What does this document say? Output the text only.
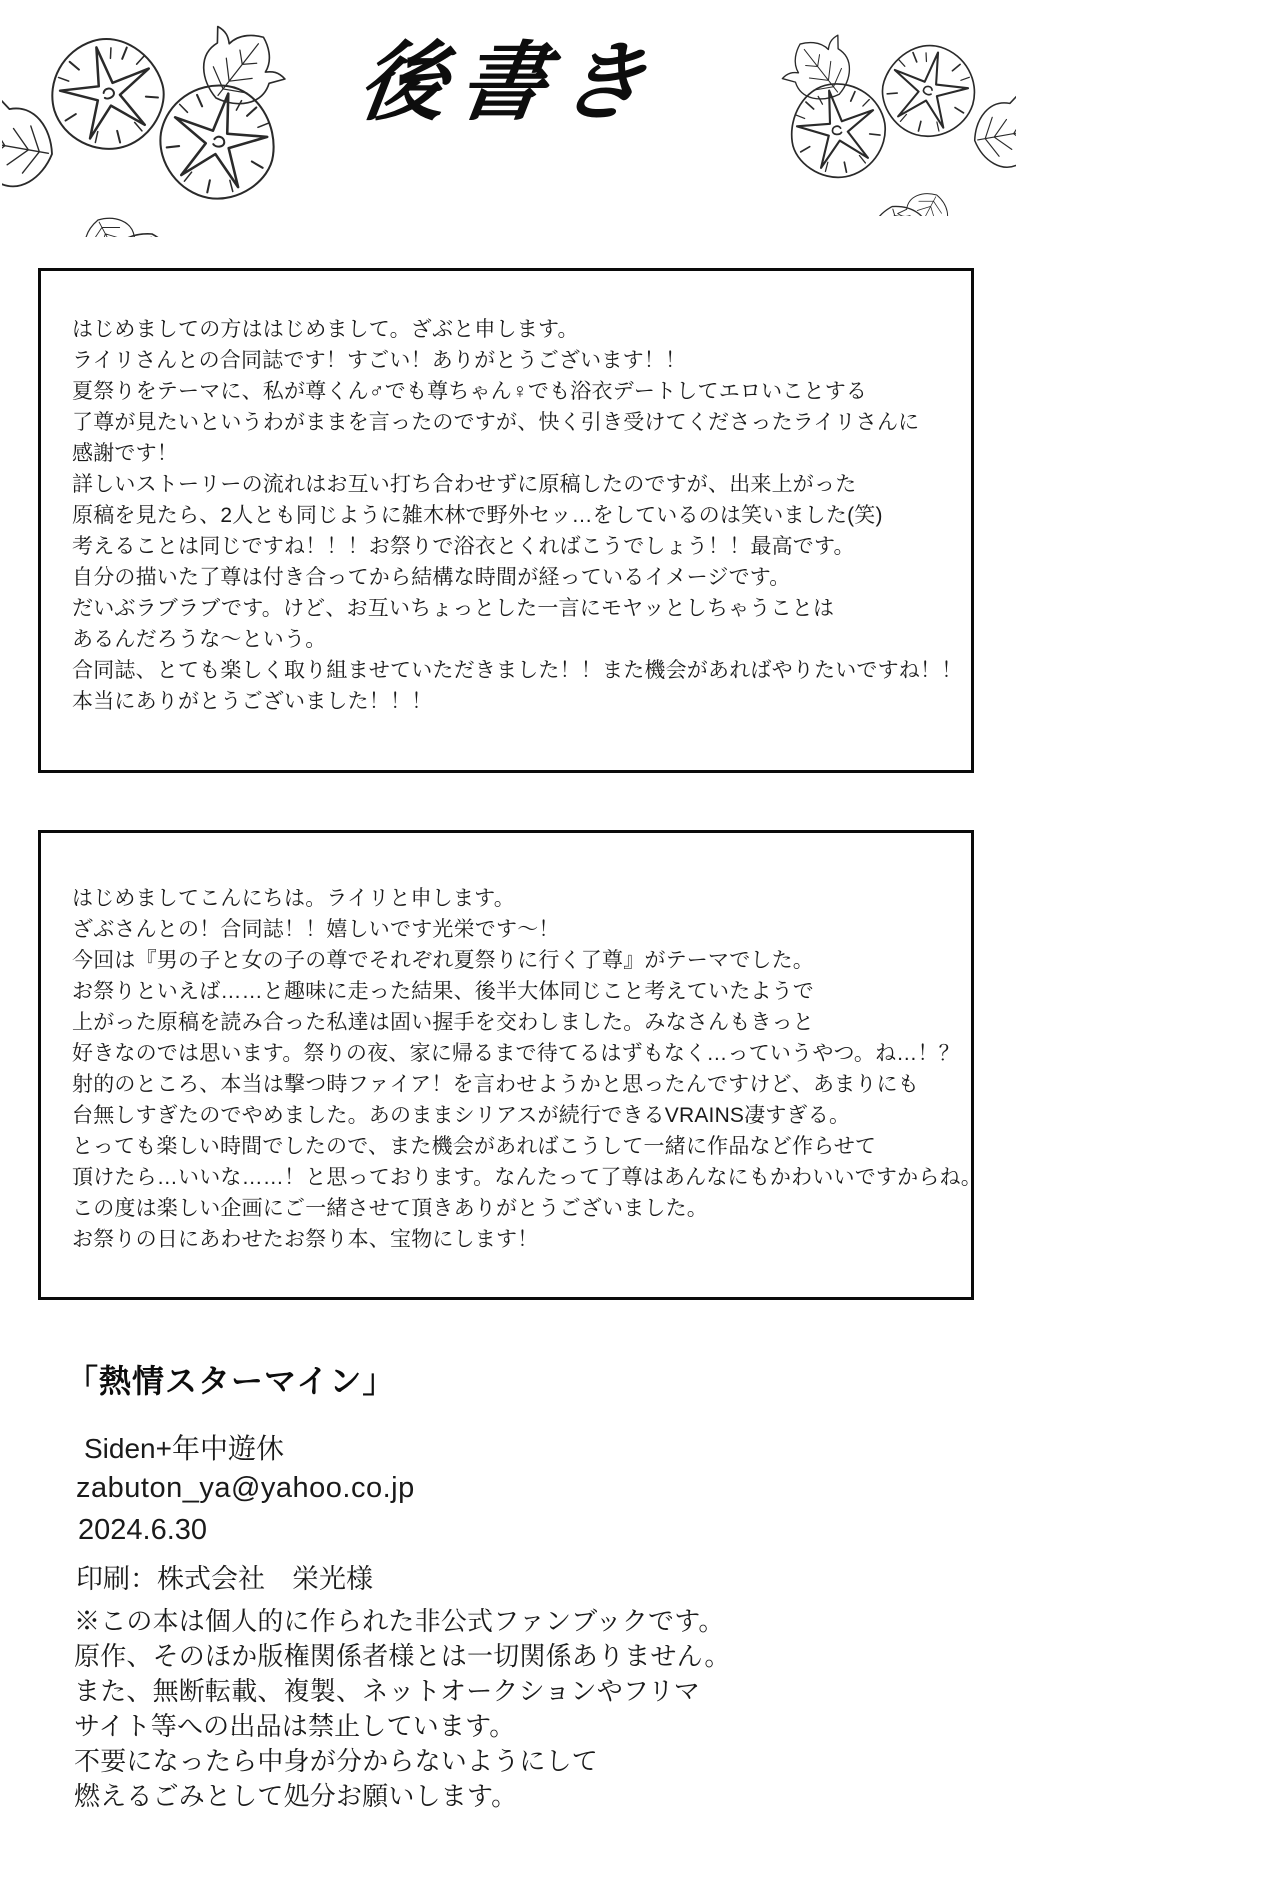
後書き
はじめましての方ははじめまして。ざぶと申します。
ライリさんとの合同誌です！すごい！ありがとうございます！！
夏祭りをテーマに、私が尊くん♂でも尊ちゃん♀でも浴衣デートしてエロいことする
了尊が見たいというわがままを言ったのですが、快く引き受けてくださったライリさんに
感謝です！
詳しいストーリーの流れはお互い打ち合わせずに原稿したのですが、出来上がった
原稿を見たら、2人とも同じように雑木林で野外セッ…をしているのは笑いました(笑)
考えることは同じですね！！！お祭りで浴衣とくればこうでしょう！！最高です。
自分の描いた了尊は付き合ってから結構な時間が経っているイメージです。
だいぶラブラブです。けど、お互いちょっとした一言にモヤッとしちゃうことは
あるんだろうな～という。
合同誌、とても楽しく取り組ませていただきました！！また機会があればやりたいですね！！
本当にありがとうございました！！！
はじめましてこんにちは。ライリと申します。
ざぶさんとの！合同誌！！嬉しいです光栄です～！
今回は『男の子と女の子の尊でそれぞれ夏祭りに行く了尊』がテーマでした。
お祭りといえば……と趣味に走った結果、後半大体同じこと考えていたようで
上がった原稿を読み合った私達は固い握手を交わしました。みなさんもきっと
好きなのでは思います。祭りの夜、家に帰るまで待てるはずもなく…っていうやつ。ね…！？
射的のところ、本当は撃つ時ファイア！を言わせようかと思ったんですけど、あまりにも
台無しすぎたのでやめました。あのままシリアスが続行できるVRAINS凄すぎる。
とっても楽しい時間でしたので、また機会があればこうして一緒に作品など作らせて
頂けたら…いいな……！と思っております。なんたって了尊はあんなにもかわいいですからね。
この度は楽しい企画にご一緒させて頂きありがとうございました。
お祭りの日にあわせたお祭り本、宝物にします！
「熱情スターマイン」
Siden+年中遊休
zabuton_ya@yahoo.co.jp
2024.6.30
印刷：株式会社　栄光様
※この本は個人的に作られた非公式ファンブックです。
原作、そのほか版権関係者様とは一切関係ありません。
また、無断転載、複製、ネットオークションやフリマ
サイト等への出品は禁止しています。
不要になったら中身が分からないようにして
燃えるごみとして処分お願いします。
